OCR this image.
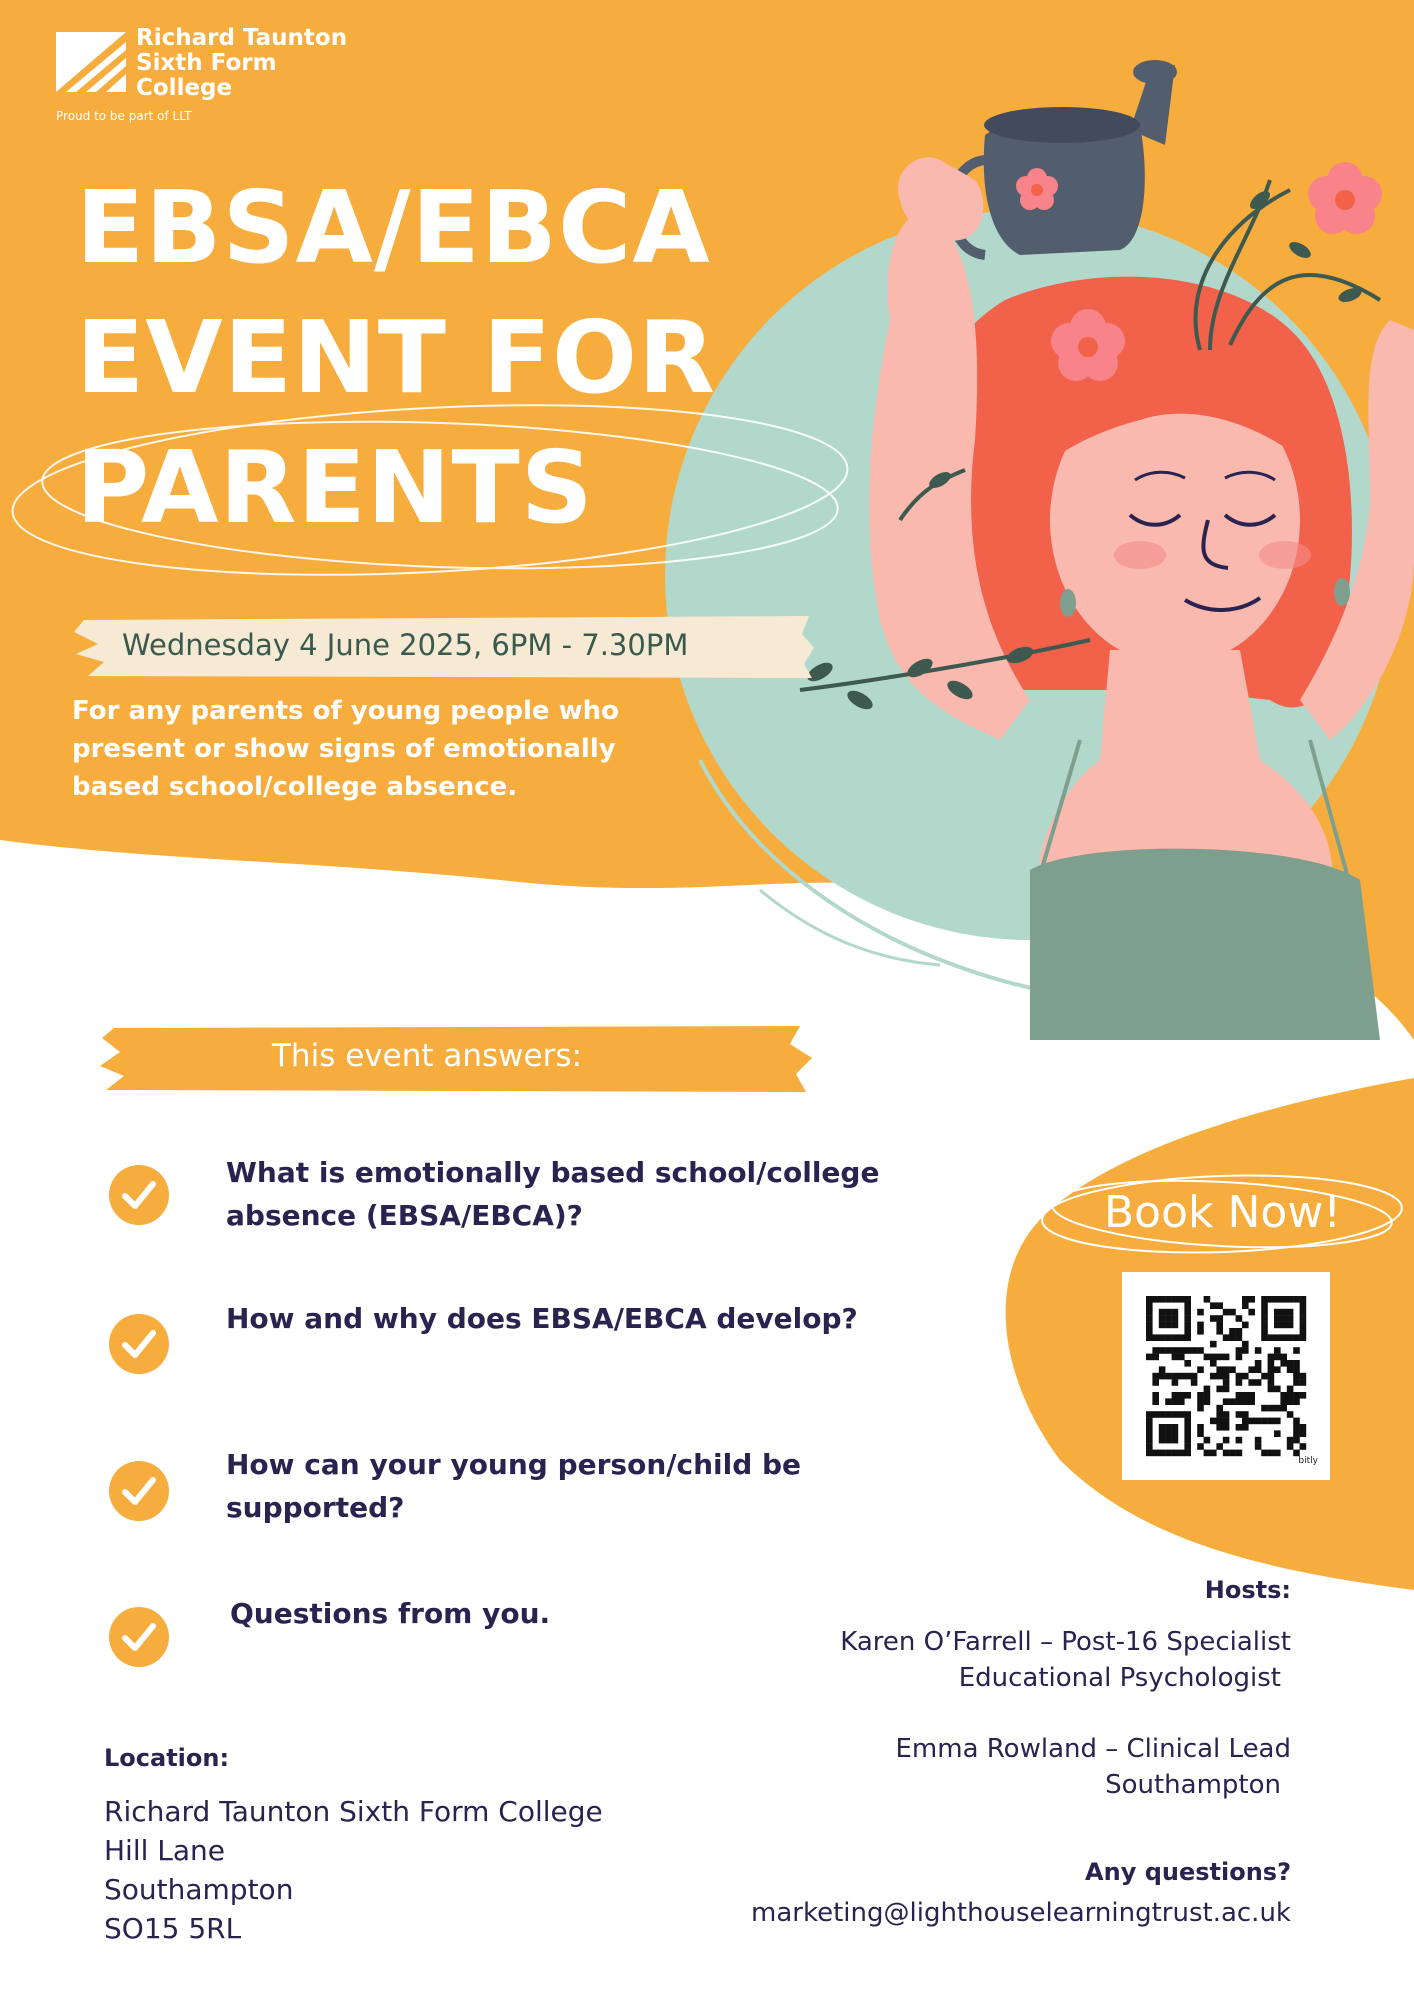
Richard Taunton
Sixth Form
College
Proud to be part of LLT
EBSA/EBCA
EVENT FOR
PARENTS
Wednesday 4 June 2025, 6PM - 7.30PM
For any parents of young people who present or show signs of emotionally based school/college absence.
This event answers:
What is emotionally based school/college absence (EBSA/EBCA)?
How and why does EBSA/EBCA develop?
How can your young person/child be supported?
Questions from you.
Book Now!
bitly
Hosts:
Karen O’Farrell – Post-16 Specialist
Educational Psychologist
Emma Rowland – Clinical Lead
Southampton
Any questions?
marketing@lighthouselearningtrust.ac.uk
Location:
Richard Taunton Sixth Form College
Hill Lane
Southampton
SO15 5RL
